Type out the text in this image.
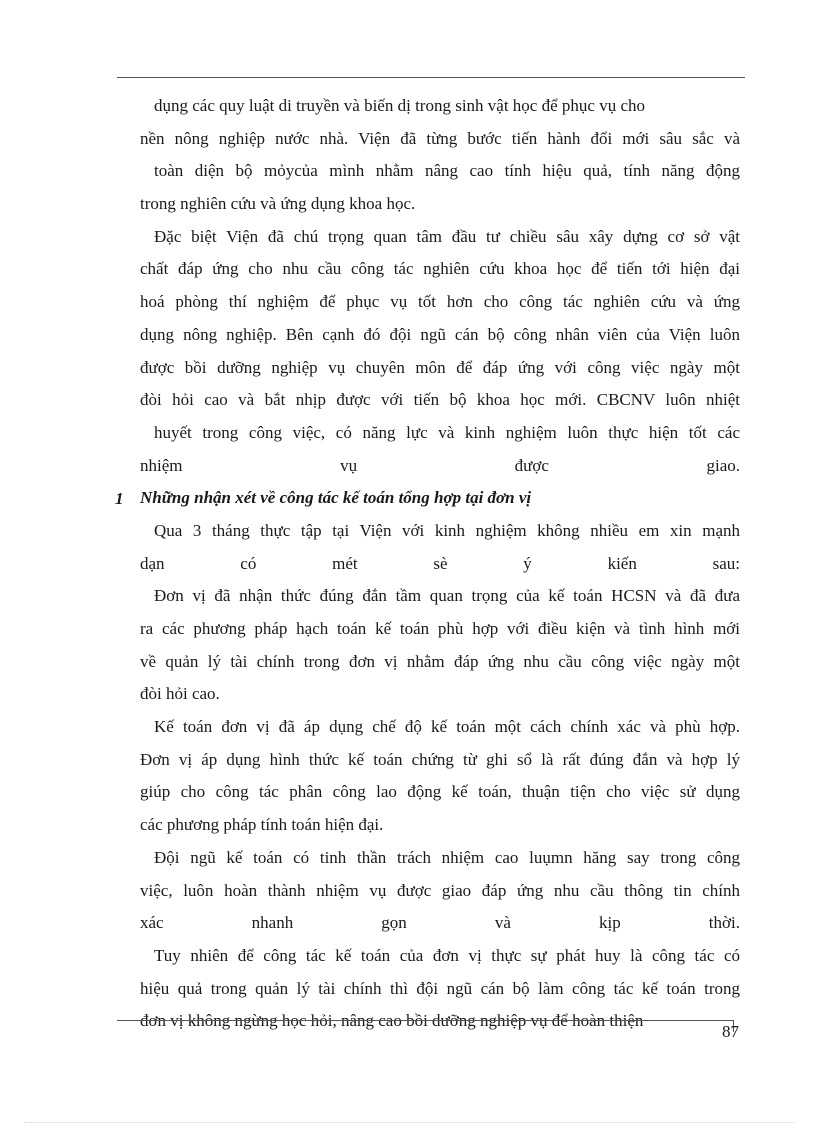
dụng các quy luật di truyền và biến dị trong sinh vật học để phục vụ cho
nền nông nghiệp nước nhà. Viện đã từng bước tiến hành đổi mới sâu sắc và
toàn diện bộ mỏycủa mình nhằm nâng cao tính hiệu quả, tính năng động
trong nghiên cứu và ứng dụng khoa học.
Đặc biệt Viện đã chú trọng quan tâm đầu tư chiều sâu xây dựng cơ sở vật
chất đáp ứng cho nhu cầu công tác nghiên cứu khoa học để tiến tới hiện đại
hoá phòng thí nghiệm để phục vụ tốt hơn cho công tác nghiên cứu và ứng
dụng nông nghiệp. Bên cạnh đó đội ngũ cán bộ công nhân viên của Viện luôn
được bồi dưỡng nghiệp vụ chuyên môn để đáp ứng với công việc ngày một
đòi hỏi cao và bắt nhịp được với tiến bộ khoa học mới. CBCNV luôn nhiệt
huyết trong công việc, có năng lực và kinh nghiệm luôn thực hiện tốt các
nhiệm vụ được giao.
1 Những nhận xét về công tác kế toán tổng hợp tại đơn vị
Qua 3 tháng thực tập tại Viện với kinh nghiệm không nhiều em xin mạnh
dạn có mét sè ý kiến sau:
Đơn vị đã nhận thức đúng đắn tầm quan trọng của kế toán HCSN và đã đưa
ra các phương pháp hạch toán kế toán phù hợp với điều kiện và tình hình mới
về quản lý tài chính trong đơn vị nhằm đáp ứng nhu cầu công việc ngày một
đòi hỏi cao.
Kế toán đơn vị đã áp dụng chế độ kế toán một cách chính xác và phù hợp.
Đơn vị áp dụng hình thức kế toán chứng từ ghi sổ là rất đúng đắn và hợp lý
giúp cho công tác phân công lao động kế toán, thuận tiện cho việc sử dụng
các phương pháp tính toán hiện đại.
Đội ngũ kế toán có tinh thần trách nhiệm cao luụmn hăng say trong công
việc, luôn hoàn thành nhiệm vụ được giao đáp ứng nhu cầu thông tin chính
xác nhanh gọn và kịp thời.
Tuy nhiên để công tác kế toán của đơn vị thực sự phát huy là công tác có
hiệu quả trong quản lý tài chính thì đội ngũ cán bộ làm công tác kế toán trong
đơn vị không ngừng học hỏi, nâng cao bồi dưỡng nghiệp vụ để hoàn thiện
87
